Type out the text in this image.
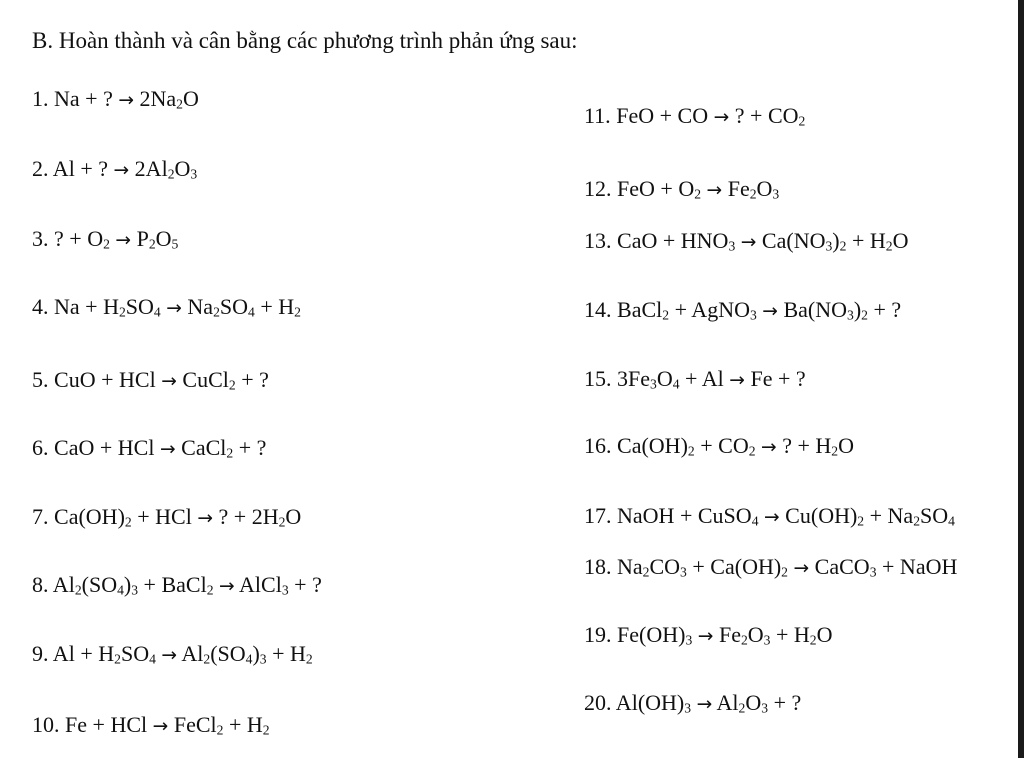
B. Hoàn thành và cân bằng các phương trình phản ứng sau:
1. Na + ? → $2Na_2O$
2. Al + ? → $2Al_2O_3$
3. ? + $O_2 \to P_2O_5$
4. $Na + H_2SO_4 \to Na_2SO_4 + H_2$
5. CuO + HCl → CuCl$_2$ + ?
6. CaO + HCl → CaCl$_2$ + ?
7. $Ca(OH)_2$ + HCl → ? + $2H_2O$
8. $Al_2(SO_4)_3$ + BaCl$_2$ → AlCl$_3$ + ?
9. $Al + H_2SO_4 \to Al_2(SO_4)_3 + H_2$
10. Fe + HCl → FeCl$_2$ + $H_2$
11. FeO + CO → ? + $CO_2$
12. FeO + $O_2 \to Fe_2O_3$
13. CaO + $HNO_3 \to Ca(NO_3)_2 + H_2O$
14. BaCl$_2$ + AgNO$_3$ → $Ba(NO_3)_2$ + ?
15. $3Fe_3O_4 + Al \to Fe$ + ?
16. $Ca(OH)_2 + CO_2$ → ? + $H_2O$
17. NaOH + CuSO$_4$ → $Cu(OH)_2 + Na_2SO_4$
18. $Na_2CO_3 + Ca(OH)_2$ → CaCO$_3$ + NaOH
19. $Fe(OH)_3 \to Fe_2O_3 + H_2O$
20. $Al(OH)_3 \to Al_2O_3$ + ?
